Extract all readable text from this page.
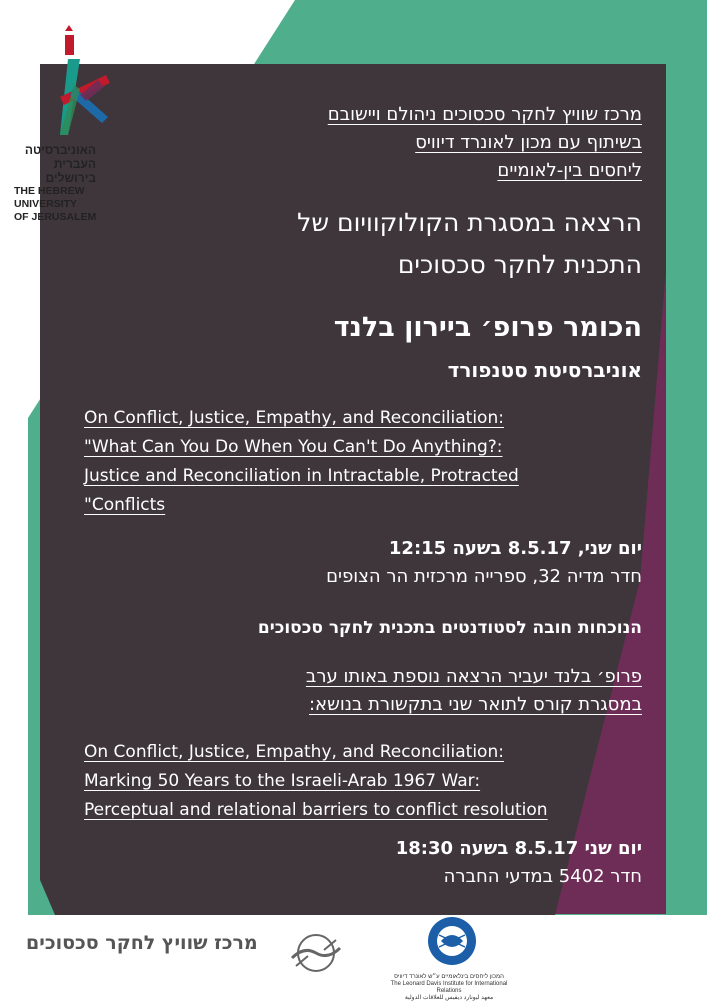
האוניברסיטה
העברית
בירושלים
THE HEBREW
UNIVERSITY
OF JERUSALEM
מרכז שוויץ לחקר סכסוכים ניהולם ויישובם
בשיתוף עם מכון לאונרד דיוויס
ליחסים בין-לאומיים
הרצאה במסגרת הקולוקוויום של
התכנית לחקר סכסוכים
הכומר פרופ׳ ביירון בלנד
אוניברסיטת סטנפורד
On Conflict, Justice, Empathy, and Reconciliation:
"What Can You Do When You Can't Do Anything?:
Justice and Reconciliation in Intractable, Protracted
"Conflicts
יום שני, 8.5.17 בשעה 12:15
חדר מדיה 32, ספרייה מרכזית הר הצופים
הנוכחות חובה לסטודנטים בתכנית לחקר סכסוכים
פרופ׳ בלנד יעביר הרצאה נוספת באותו ערב
במסגרת קורס לתואר שני בתקשורת בנושא:
On Conflict, Justice, Empathy, and Reconciliation:
Marking 50 Years to the Israeli-Arab 1967 War:
Perceptual and relational barriers to conflict resolution
יום שני 8.5.17 בשעה 18:30
חדר 5402 במדעי החברה
מרכז שוויץ לחקר סכסוכים
המכון ליחסים בינלאומיים ע״ש לאונרד דיוויס
The Leonard Davis Institute for International Relations
معهد ليونارد ديفيس للعلاقات الدولية
